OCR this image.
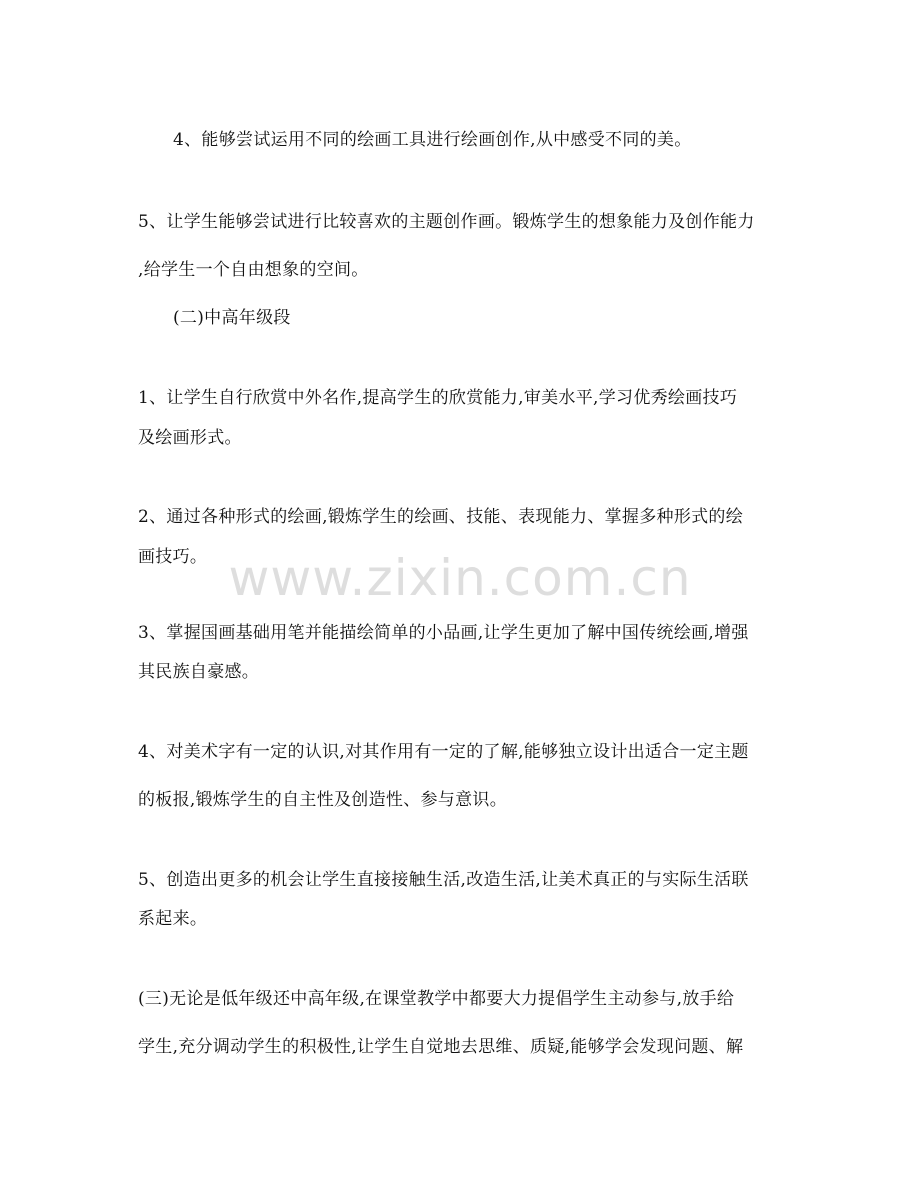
4、能够尝试运用不同的绘画工具进行绘画创作,从中感受不同的美。

5、让学生能够尝试进行比较喜欢的主题创作画。锻炼学生的想象能力及创作能力

,给学生一个自由想象的空间。

(二)中高年级段

1、让学生自行欣赏中外名作,提高学生的欣赏能力,审美水平,学习优秀绘画技巧

及绘画形式。

2、通过各种形式的绘画,锻炼学生的绘画、技能、表现能力、掌握多种形式的绘

画技巧。

3、掌握国画基础用笔并能描绘简单的小品画,让学生更加了解中国传统绘画,增强

其民族自豪感。

4、对美术字有一定的认识,对其作用有一定的了解,能够独立设计出适合一定主题

的板报,锻炼学生的自主性及创造性、参与意识。

5、创造出更多的机会让学生直接接触生活,改造生活,让美术真正的与实际生活联

系起来。

(三)无论是低年级还中高年级,在课堂教学中都要大力提倡学生主动参与,放手给

学生,充分调动学生的积极性,让学生自觉地去思维、质疑,能够学会发现问题、解

www.zixin.com.cn
